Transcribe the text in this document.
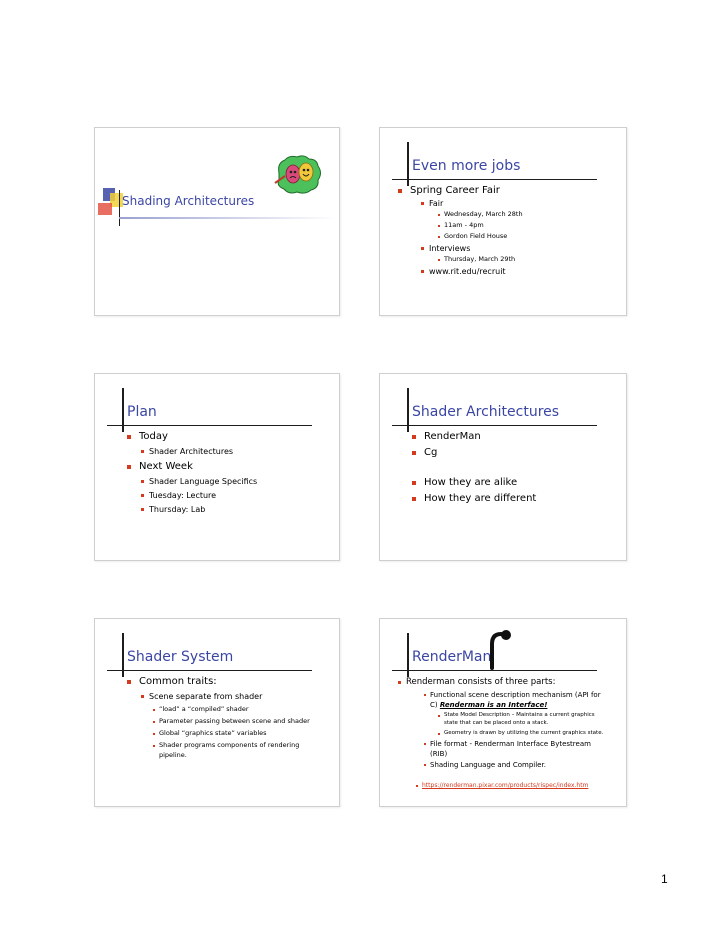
Shading Architectures
Even more jobs
Spring Career Fair
Fair
Wednesday, March 28th
11am - 4pm
Gordon Field House
Interviews
Thursday, March 29th
www.rit.edu/recruit
Plan
Today
Shader Architectures
Next Week
Shader Language Specifics
Tuesday: Lecture
Thursday: Lab
Shader Architectures
RenderMan
Cg
How they are alike
How they are different
Shader System
Common traits:
Scene separate from shader
“load” a “compiled” shader
Parameter passing between scene and shader
Global “graphics state” variables
Shader programs components of rendering
pipeline.
RenderMan
Renderman consists of three parts:
Functional scene description mechanism (API for
C) Renderman is an Interface!
State Model Description – Maintains a current graphics
state that can be placed onto a stack.
Geometry is drawn by utilizing the current graphics state.
File format - Renderman Interface Bytestream
(RIB)
Shading Language and Compiler.
https://renderman.pixar.com/products/rispec/index.htm
1
